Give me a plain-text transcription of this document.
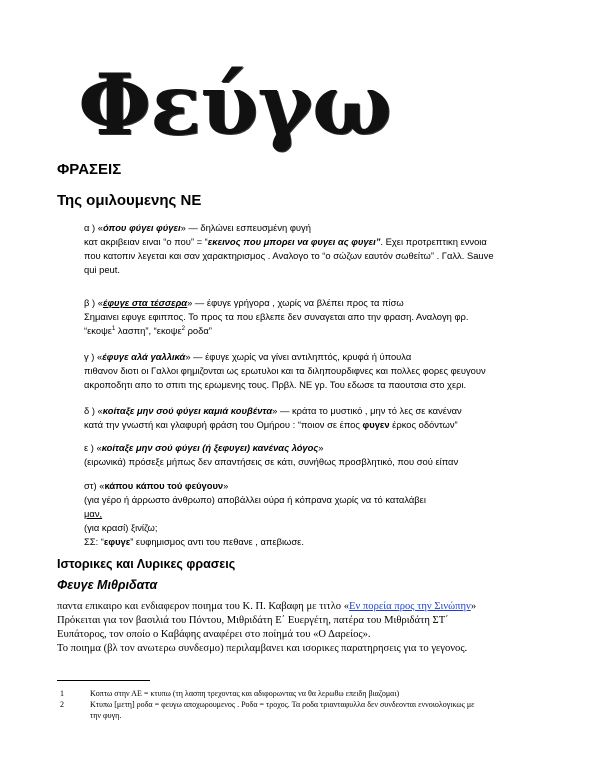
Φεύγω
ΦΡΑΣΕΙΣ
Της ομιλουμενης ΝΕ
α ) «όπου φύγει φύγει» — δηλώνει εσπευσμένη φυγή
κατ ακριβειαν ειναι “ο που” = “εκεινος που μπορει να φυγει ας φυγει”. Εχει προτρεπτικη εννοια
που κατοπιν λεγεται και σαν χαρακτηρισμος . Αναλογο το “ο σώζων εαυτόν σωθείτω” . Γαλλ. Sauve
qui peut.
β ) «έφυγε στα τέσσερα» — έφυγε γρήγορα , χωρίς να βλέπει προς τα πίσω
Σημαινει εφυγε εφιππος. Το προς τα που εβλεπε δεν συναγεται απο την φραση. Αναλογη φρ.
“εκοψε$^1$ λασπη”, “εκοψε$^2$ ροδα”
γ ) «έφυγε αλά γαλλικά» — έφυγε χωρίς να γίνει αντιληπτός, κρυφά ή ύπουλα
πιθανον διοτι οι Γαλλοι φημιζονται ως ερωτυλοι και τα διληπουρδιφνες και πολλες φορες φευγουν
ακροποδητι απο το σπιτι της ερωμενης τους. Πρβλ. ΝΕ γρ. Του εδωσε τα παουτσια στο χερι.
δ ) «κοίταξε μην σού φύγει καμιά κουβέντα» — κράτα το μυστικό , μην τό λες σε κανέναν
κατά την γνωστή και γλαφυρή φράση του Ομήρου : “ποιον σε έπος φυγεν έρκος οδόντων”
ε ) «κοίταξε μην σού φύγει (ή ξεφυγει) κανένας λόγος»
(ειρωνικά) πρόσεξε μήπως δεν απαντήσεις σε κάτι, συνήθως προσβλητικό, που σού είπαν
στ) «κάπου κάπου τού φεύγουν»
(για γέρο ή άρρωστο άνθρωπο) αποβάλλει ούρα ή κόπρανα χωρίς να τό καταλάβει
μαν,
(για κρασί) ξινίζω;
ΣΣ: “εφυγε” ευφημισμος αντι του πεθανε , απεβιωσε.
Ιστορικες και Λυρικες φρασεις
Φευγε Μιθριδατα
παντα επικαιρο και ενδιαφερον ποιημα του Κ. Π. Καβαφη με τιτλο «Εν πορεία προς την Σινώπην»
Πρόκειται για τον βασιλιά του Πόντου, Μιθριδάτη Ε΄ Ευεργέτη, πατέρα του Μιθριδάτη ΣΤ΄
Ευπάτορος, τον οποίο ο Καβάφης αναφέρει στο ποίημά του «Ο Δαρείος».
Το ποιημα (βλ τον ανωτερω συνδεσμο) περιλαμβανει και ισορικες παρατηρησεις για το γεγονος.
1	Κοπτω στην ΑΕ = κτυπω (τη λασπη τρεχοντας και αδιφορωντας να θα λερωθω επειδη βιαζομαι)
2	Κτυπω [μετη] ροδα = φευγω αποχωρουμενος . Ροδα = τροχος. Τα ροδα τριανταφυλλα δεν συνδεονται εννοιολογικως με
την φυγη.
